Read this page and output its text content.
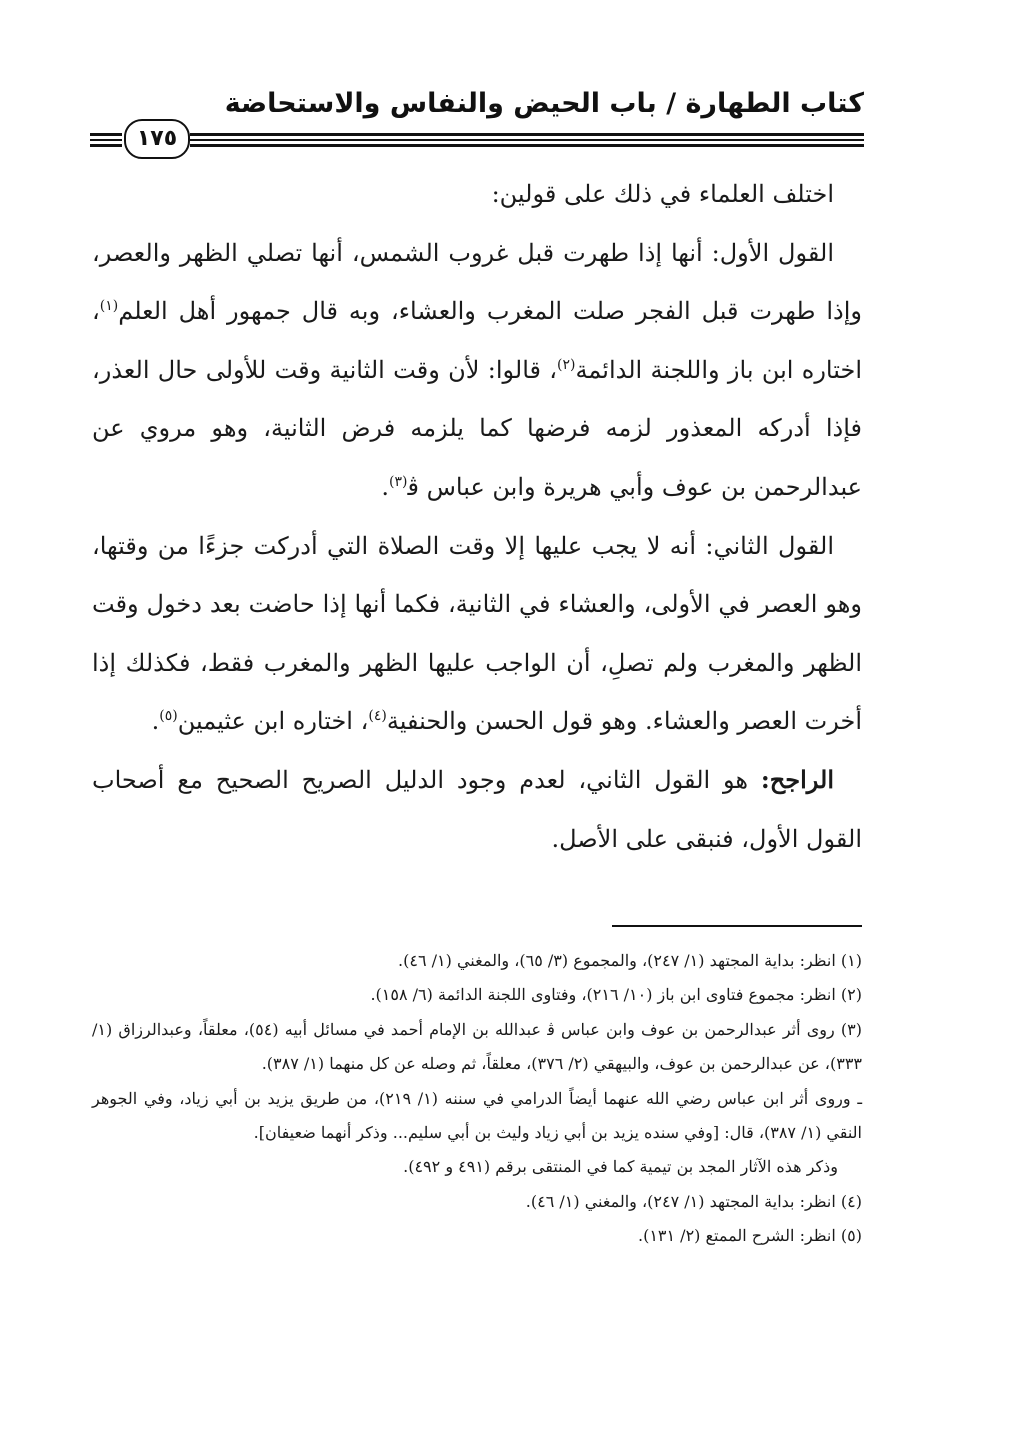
كتاب الطهارة / باب الحيض والنفاس والاستحاضة
١٧٥

اختلف العلماء في ذلك على قولين:

القول الأول: أنها إذا طهرت قبل غروب الشمس، أنها تصلي الظهر والعصر، وإذا طهرت قبل الفجر صلت المغرب والعشاء، وبه قال جمهور أهل العلم$^{(١)}$، اختاره ابن باز واللجنة الدائمة$^{(٢)}$، قالوا: لأن وقت الثانية وقت للأولى حال العذر، فإذا أدركه المعذور لزمه فرضها كما يلزمه فرض الثانية، وهو مروي عن عبدالرحمن بن عوف وأبي هريرة وابن عباس ﭬ$^{(٣)}$.

القول الثاني: أنه لا يجب عليها إلا وقت الصلاة التي أدركت جزءًا من وقتها، وهو العصر في الأولى، والعشاء في الثانية، فكما أنها إذا حاضت بعد دخول وقت الظهر والمغرب ولم تصلِ، أن الواجب عليها الظهر والمغرب فقط، فكذلك إذا أخرت العصر والعشاء. وهو قول الحسن والحنفية$^{(٤)}$، اختاره ابن عثيمين$^{(٥)}$.

الراجح: هو القول الثاني، لعدم وجود الدليل الصريح الصحيح مع أصحاب القول الأول، فنبقى على الأصل.

(١) انظر: بداية المجتهد (١/ ٢٤٧)، والمجموع (٣/ ٦٥)، والمغني (١/ ٤٦).

(٢) انظر: مجموع فتاوى ابن باز (١٠/ ٢١٦)، وفتاوى اللجنة الدائمة (٦/ ١٥٨).

(٣) روى أثر عبدالرحمن بن عوف وابن عباس ﭬ عبدالله بن الإمام أحمد في مسائل أبيه (٥٤)، معلقاً، وعبدالرزاق (١/ ٣٣٣)، عن عبدالرحمن بن عوف، والبيهقي (٢/ ٣٧٦)، معلقاً، ثم وصله عن كل منهما (١/ ٣٨٧).

ـ وروى أثر ابن عباس رضي الله عنهما أيضاً الدرامي في سننه (١/ ٢١٩)، من طريق يزيد بن أبي زياد، وفي الجوهر النقي (١/ ٣٨٧)، قال: [وفي سنده يزيد بن أبي زياد وليث بن أبي سليم... وذكر أنهما ضعيفان].

وذكر هذه الآثار المجد بن تيمية كما في المنتقى برقم (٤٩١ و ٤٩٢).

(٤) انظر: بداية المجتهد (١/ ٢٤٧)، والمغني (١/ ٤٦).

(٥) انظر: الشرح الممتع (٢/ ١٣١).
